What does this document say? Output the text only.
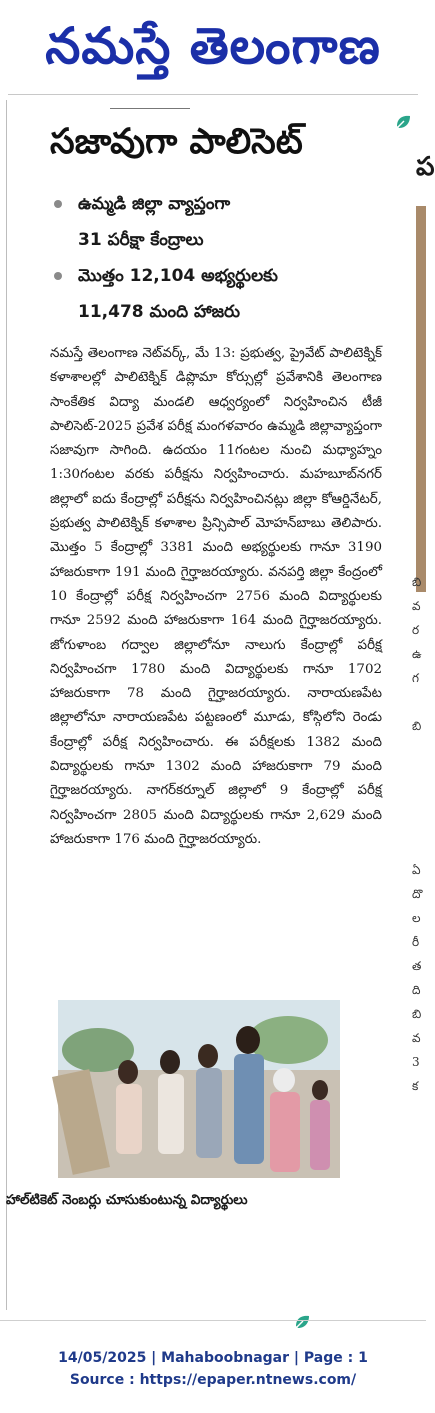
నమస్తే తెలంగాణ
సజావుగా పాలిసెట్
ఉమ్మడి జిల్లా వ్యాప్తంగా
31 పరీక్షా కేంద్రాలు
మొత్తం 12,104 అభ్యర్థులకు
11,478 మంది హాజరు
నమస్తే తెలంగాణ నెట్‌వర్క్, మే 13: ప్రభుత్వ, ప్రైవేట్ పాలిటెక్నిక్ కళాశాలల్లో పాలిటెక్నిక్ డిప్లొమా కోర్సుల్లో ప్రవేశానికి తెలంగాణ సాంకేతిక విద్యా మండలి ఆధ్వర్యంలో నిర్వహించిన టీజీ పాలిసెట్-2025 ప్రవేశ పరీక్ష మంగళవారం ఉమ్మడి జిల్లావ్యాప్తంగా సజావుగా సాగింది. ఉదయం 11గంటల నుంచి మధ్యాహ్నం 1:30గంటల వరకు పరీక్షను నిర్వహించారు. మహబూబ్‌నగర్ జిల్లాలో ఐదు కేంద్రాల్లో పరీక్షను నిర్వహించినట్లు జిల్లా కోఆర్డినేటర్, ప్రభుత్వ పాలిటెక్నిక్ కళాశాల ప్రిన్సిపాల్ మోహన్‌బాబు తెలిపారు. మొత్తం 5 కేంద్రాల్లో 3381 మంది అభ్యర్థులకు గానూ 3190 హాజరుకాగా 191 మంది గైర్హాజరయ్యారు. వనపర్తి జిల్లా కేంద్రంలో 10 కేంద్రాల్లో పరీక్ష నిర్వహించగా 2756 మంది విద్యార్థులకు గానూ 2592 మంది హాజరుకాగా 164 మంది గైర్హాజరయ్యారు. జోగుళాంబ గద్వాల జిల్లాలోనూ నాలుగు కేంద్రాల్లో పరీక్ష నిర్వహించగా 1780 మంది విద్యార్థులకు గానూ 1702 హాజరుకాగా 78 మంది గైర్హాజరయ్యారు. నారాయణపేట జిల్లాలోనూ నారాయణపేట పట్టణంలో మూడు, కోస్గిలోని రెండు కేంద్రాల్లో పరీక్ష నిర్వహించారు. ఈ పరీక్షలకు 1382 మంది విద్యార్థులకు గానూ 1302 మంది హాజరుకాగా 79 మంది గైర్హాజరయ్యారు. నాగర్‌కర్నూల్ జిల్లాలో 9 కేంద్రాల్లో పరీక్ష నిర్వహించగా 2805 మంది విద్యార్థులకు గానూ 2,629 మంది హాజరుకాగా 176 మంది గైర్హాజరయ్యారు.
హాల్‌టికెట్ నెంబర్లు చూసుకుంటున్న విద్యార్థులు
ప
బి
వ
ర
ఉ
గ

బి

ఏ
దొ
ల
రీ
త
ది
బి
వ
3
క
14/05/2025 | Mahaboobnagar | Page : 1
Source : https://epaper.ntnews.com/
